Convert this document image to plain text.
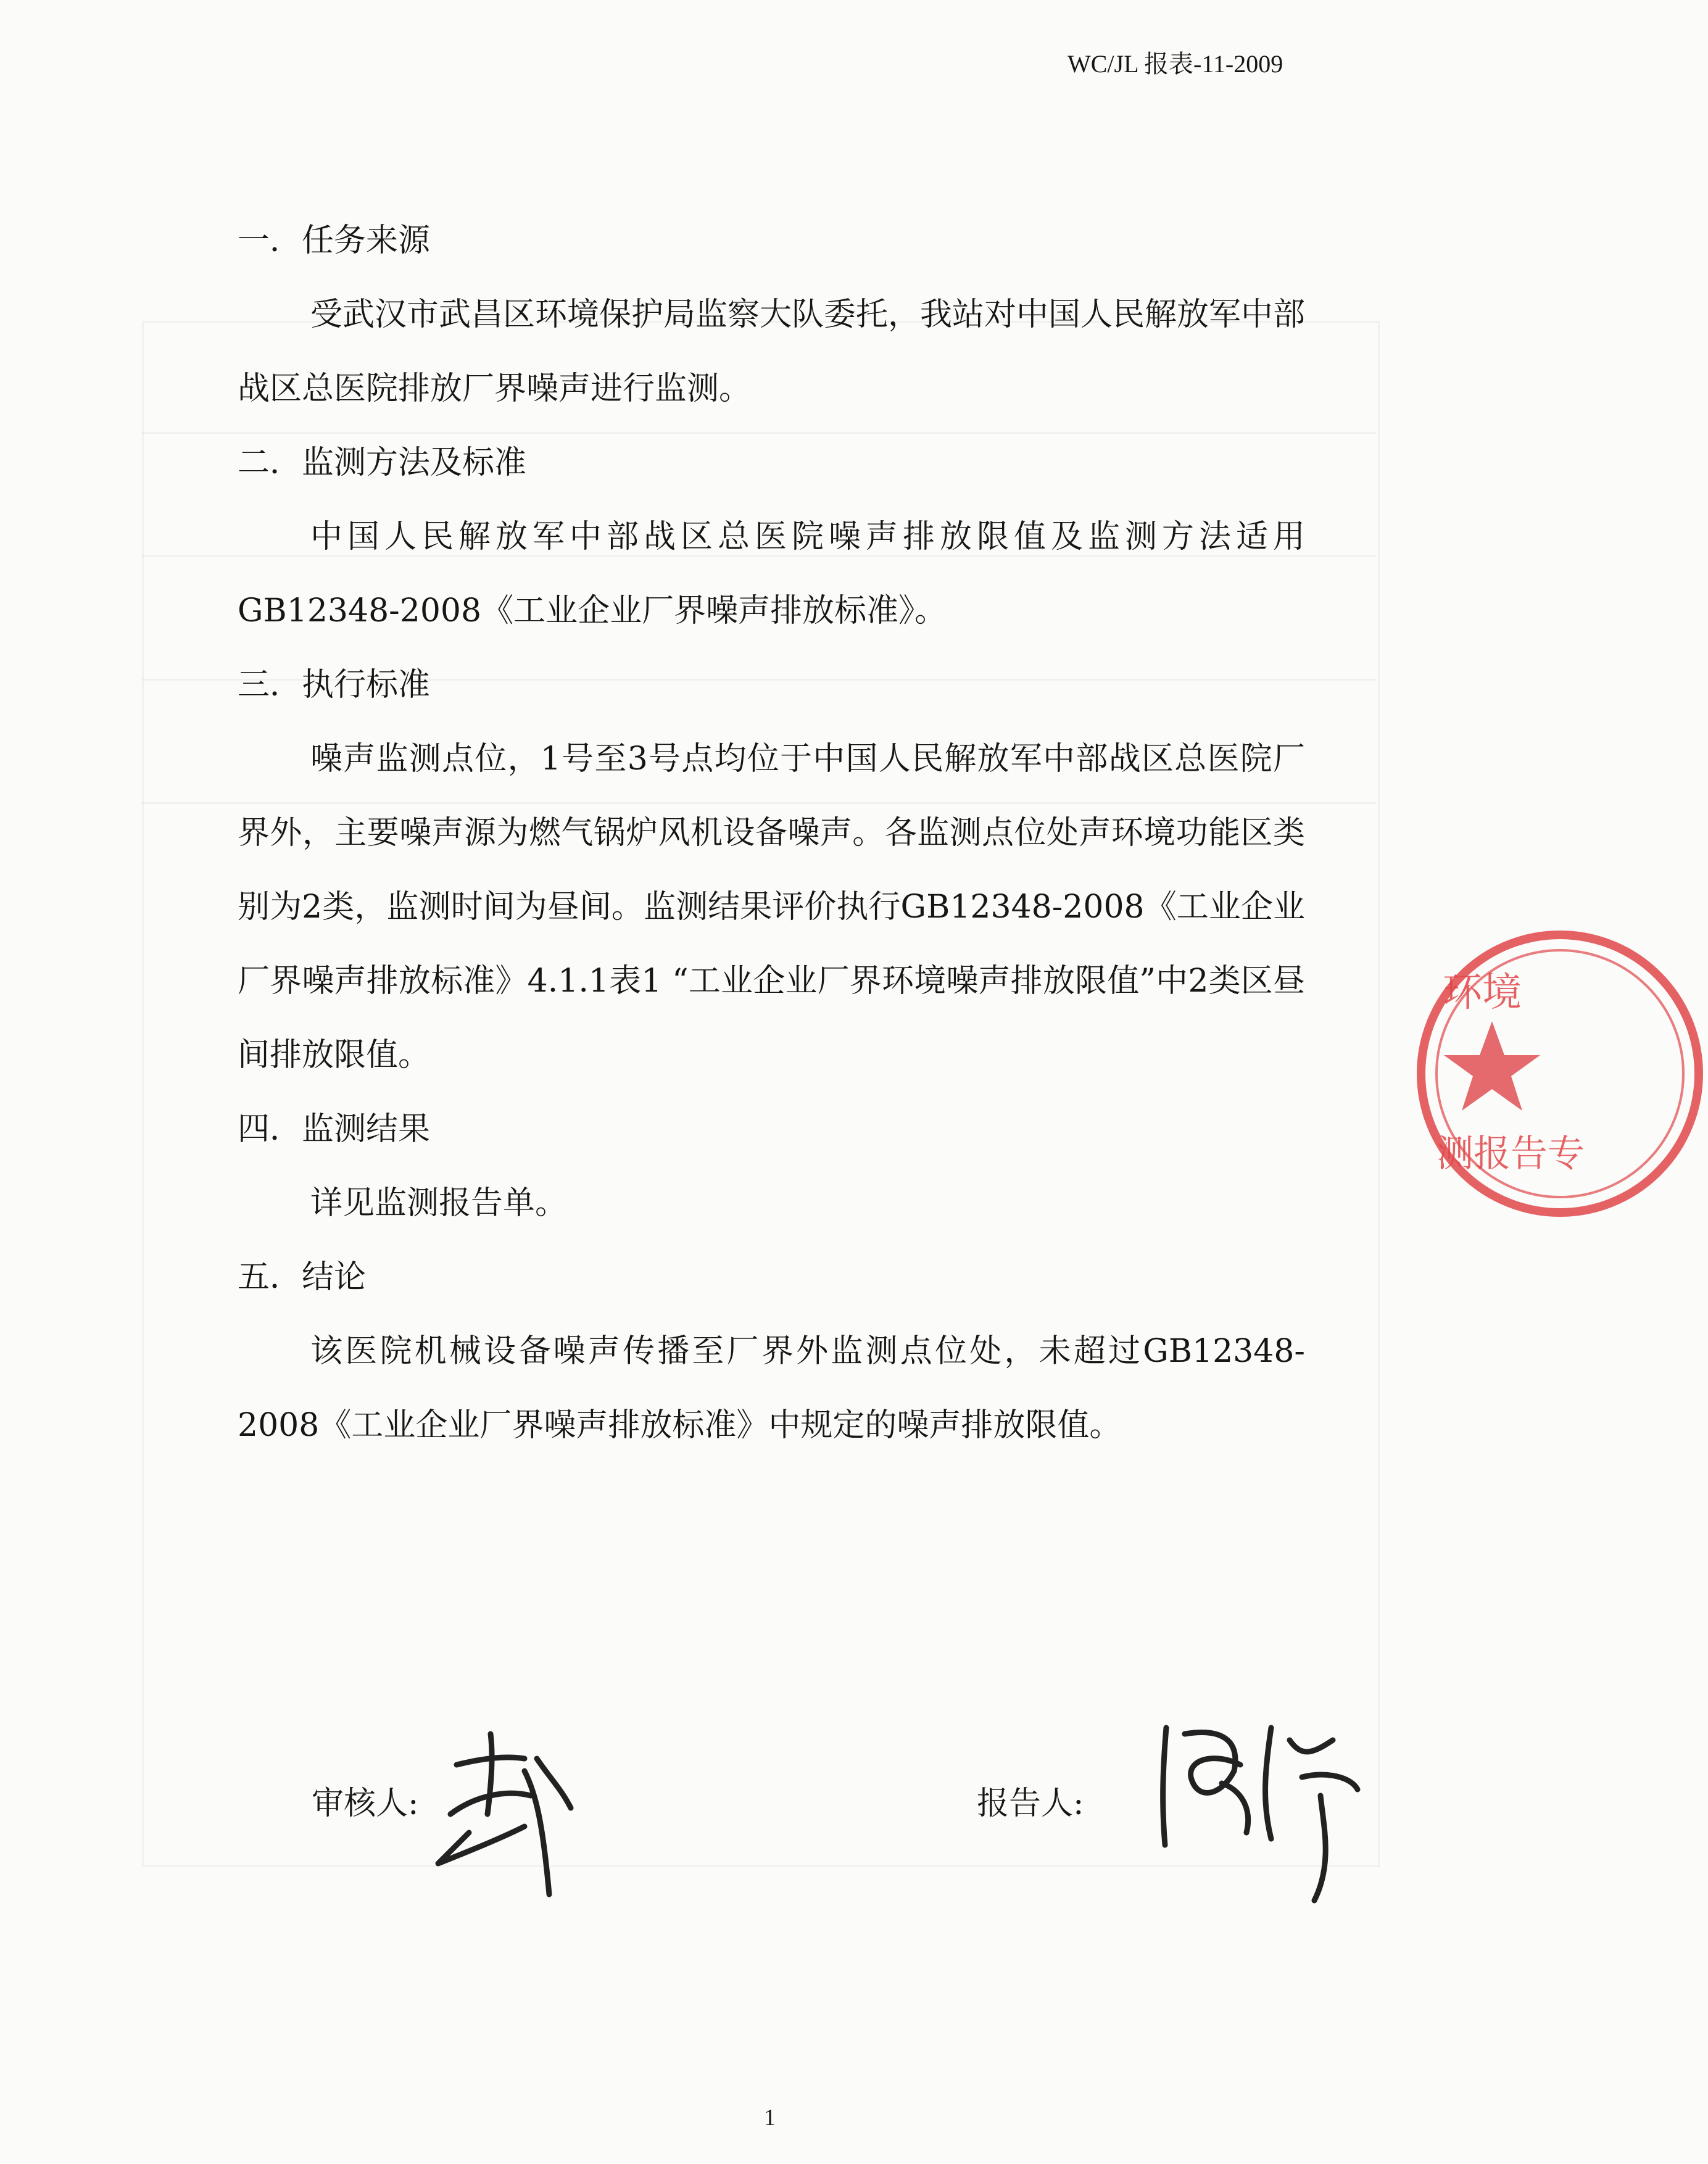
WC/JL 报表-11-2009
一．任务来源

受武汉市武昌区环境保护局监察大队委托，我站对中国人民解放军中部战区总医院排放厂界噪声进行监测。

二．监测方法及标准

中国人民解放军中部战区总医院噪声排放限值及监测方法适用GB12348-2008《工业企业厂界噪声排放标准》。

三．执行标准

噪声监测点位，1号至3号点均位于中国人民解放军中部战区总医院厂界外，主要噪声源为燃气锅炉风机设备噪声。各监测点位处声环境功能区类别为2类，监测时间为昼间。监测结果评价执行GB12348-2008《工业企业厂界噪声排放标准》4.1.1表1 “工业企业厂界环境噪声排放限值”中2类区昼间排放限值。

四．监测结果

详见监测报告单。

五．结论

该医院机械设备噪声传播至厂界外监测点位处，未超过GB12348-2008《工业企业厂界噪声排放标准》中规定的噪声排放限值。

审核人:	报告人:
环境
测报告专
1
